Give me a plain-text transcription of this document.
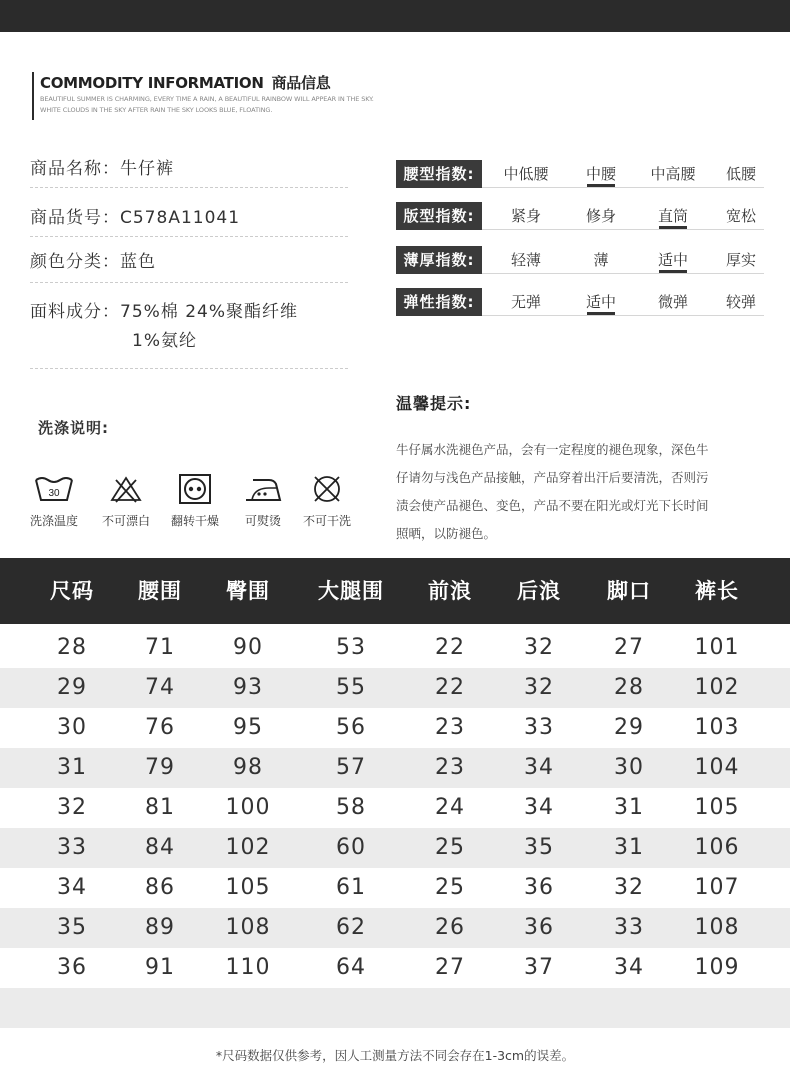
COMMODITY INFORMATION 商品信息
BEAUTIFUL SUMMER IS CHARMING, EVERY TIME A RAIN, A BEAUTIFUL RAINBOW WILL APPEAR IN THE SKY.
WHITE CLOUDS IN THE SKY AFTER RAIN THE SKY LOOKS BLUE, FLOATING.
商品名称：牛仔裤
商品货号：C578A11041
颜色分类：蓝色
面料成分：75%棉 24%聚酯纤维
1%氨纶
腰型指数:	中低腰	中腰	中高腰	低腰
版型指数:	紧身	修身	直筒	宽松
薄厚指数:	轻薄	薄	适中	厚实
弹性指数:	无弹	适中	微弹	较弹
温馨提示:
牛仔属水洗褪色产品，会有一定程度的褪色现象，深色牛
仔请勿与浅色产品接触，产品穿着出汗后要清洗，否则污
渍会使产品褪色、变色，产品不要在阳光或灯光下长时间
照晒，以防褪色。
洗涤说明:
30
洗涤温度	不可漂白	翻转干燥	可熨烫	不可干洗
尺码	腰围	臀围	大腿围	前浪	后浪	脚口	裤长
28	71	90	53	22	32	27	101
29	74	93	55	22	32	28	102
30	76	95	56	23	33	29	103
31	79	98	57	23	34	30	104
32	81	100	58	24	34	31	105
33	84	102	60	25	35	31	106
34	86	105	61	25	36	32	107
35	89	108	62	26	36	33	108
36	91	110	64	27	37	34	109
*尺码数据仅供参考，因人工测量方法不同会存在1-3cm的误差。
